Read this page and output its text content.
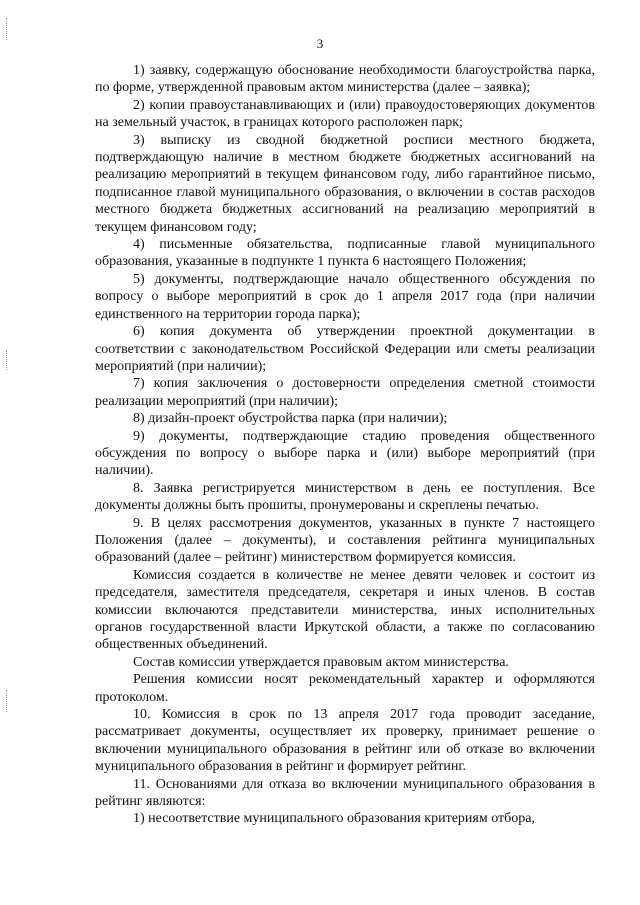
3

1) заявку, содержащую обоснование необходимости благоустройства парка, по форме, утвержденной правовым актом министерства (далее – заявка);

2) копии правоустанавливающих и (или) правоудостоверяющих документов на земельный участок, в границах которого расположен парк;

3) выписку из сводной бюджетной росписи местного бюджета, подтверждающую наличие в местном бюджете бюджетных ассигнований на реализацию мероприятий в текущем финансовом году, либо гарантийное письмо, подписанное главой муниципального образования, о включении в состав расходов местного бюджета бюджетных ассигнований на реализацию мероприятий в текущем финансовом году;

4) письменные обязательства, подписанные главой муниципального образования, указанные в подпункте 1 пункта 6 настоящего Положения;

5) документы, подтверждающие начало общественного обсуждения по вопросу о выборе мероприятий в срок до 1 апреля 2017 года (при наличии единственного на территории города парка);

6) копия документа об утверждении проектной документации в соответствии с законодательством Российской Федерации или сметы реализации мероприятий (при наличии);

7) копия заключения о достоверности определения сметной стоимости реализации мероприятий (при наличии);

8) дизайн-проект обустройства парка (при наличии);

9) документы, подтверждающие стадию проведения общественного обсуждения по вопросу о выборе парка и (или) выборе мероприятий (при наличии).

8. Заявка регистрируется министерством в день ее поступления. Все документы должны быть прошиты, пронумерованы и скреплены печатью.

9. В целях рассмотрения документов, указанных в пункте 7 настоящего Положения (далее – документы), и составления рейтинга муниципальных образований (далее – рейтинг) министерством формируется комиссия.

Комиссия создается в количестве не менее девяти человек и состоит из председателя, заместителя председателя, секретаря и иных членов. В состав комиссии включаются представители министерства, иных исполнительных органов государственной власти Иркутской области, а также по согласованию общественных объединений.

Состав комиссии утверждается правовым актом министерства.

Решения комиссии носят рекомендательный характер и оформляются протоколом.

10. Комиссия в срок по 13 апреля 2017 года проводит заседание, рассматривает документы, осуществляет их проверку, принимает решение о включении муниципального образования в рейтинг или об отказе во включении муниципального образования в рейтинг и формирует рейтинг.

11. Основаниями для отказа во включении муниципального образования в рейтинг являются:

1) несоответствие муниципального образования критериям отбора,
